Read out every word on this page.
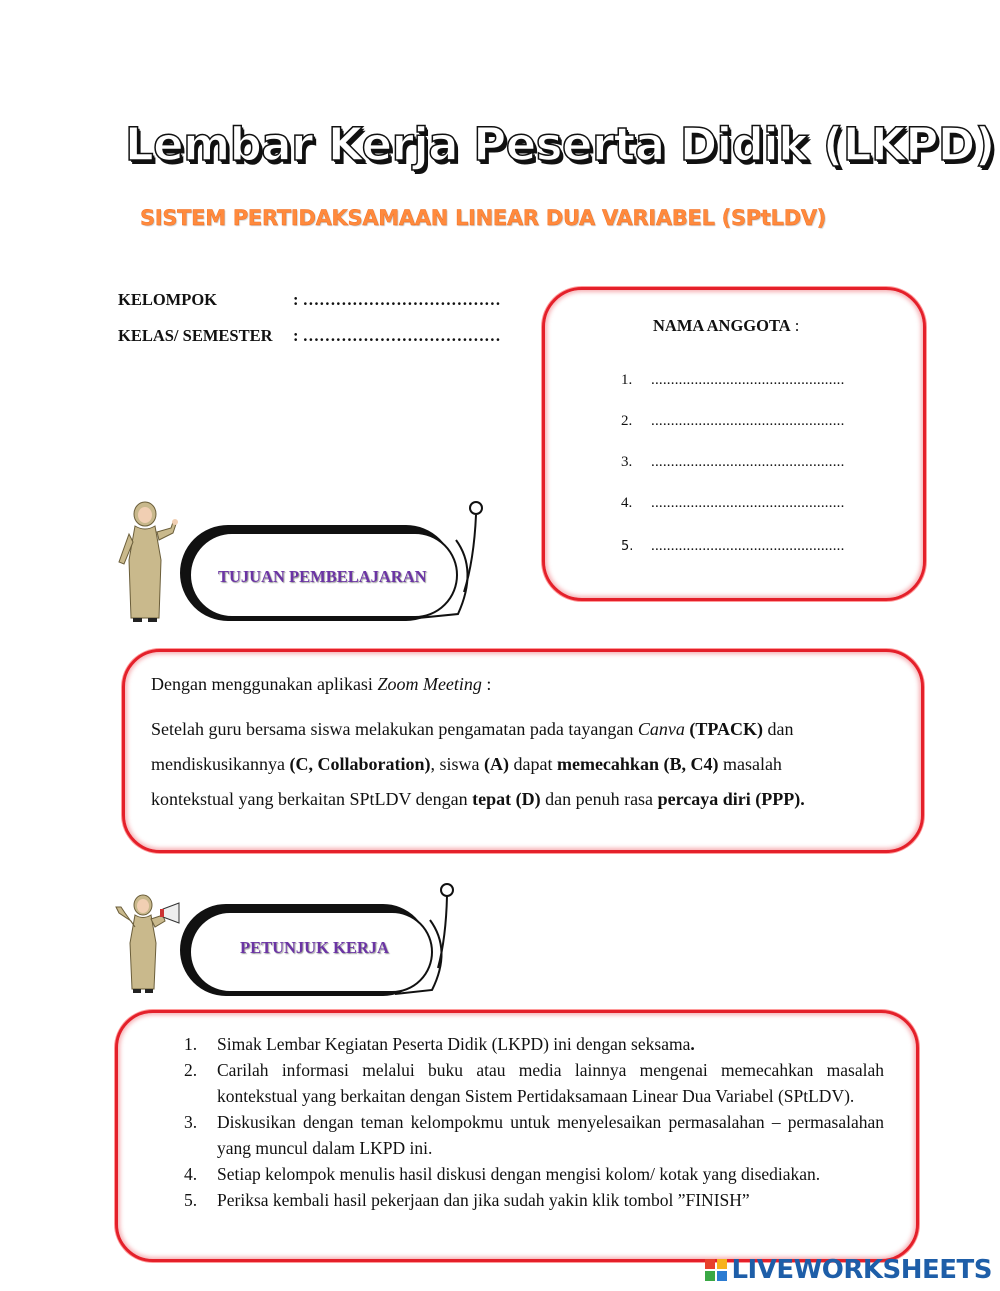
Lembar Kerja Peserta Didik (LKPD)
SISTEM PERTIDAKSAMAAN LINEAR DUA VARIABEL (SPtLDV)
KELOMPOK	: ………………………………
KELAS/ SEMESTER : ………………………………
NAMA ANGGOTA :
1. .................................................
2. .................................................
3. .................................................
4. .................................................
5. .................................................
TUJUAN PEMBELAJARAN

Dengan menggunakan aplikasi Zoom Meeting :

Setelah guru bersama siswa melakukan pengamatan pada tayangan Canva (TPACK) dan

mendiskusikannya (C, Collaboration), siswa (A) dapat memecahkan (B, C4) masalah

kontekstual yang berkaitan SPtLDV dengan tepat (D) dan penuh rasa percaya diri (PPP).

PETUNJUK KERJA
1. Simak Lembar Kegiatan Peserta Didik (LKPD) ini dengan seksama.
2. Carilah informasi melalui buku atau media lainnya mengenai memecahkan masalah kontekstual yang berkaitan dengan Sistem Pertidaksamaan Linear Dua Variabel (SPtLDV).
3. Diskusikan dengan teman kelompokmu untuk menyelesaikan permasalahan – permasalahan yang muncul dalam LKPD ini.
4. Setiap kelompok menulis hasil diskusi dengan mengisi kolom/ kotak yang disediakan.
5. Periksa kembali hasil pekerjaan dan jika sudah yakin klik tombol ”FINISH”
LIVEWORKSHEETS
